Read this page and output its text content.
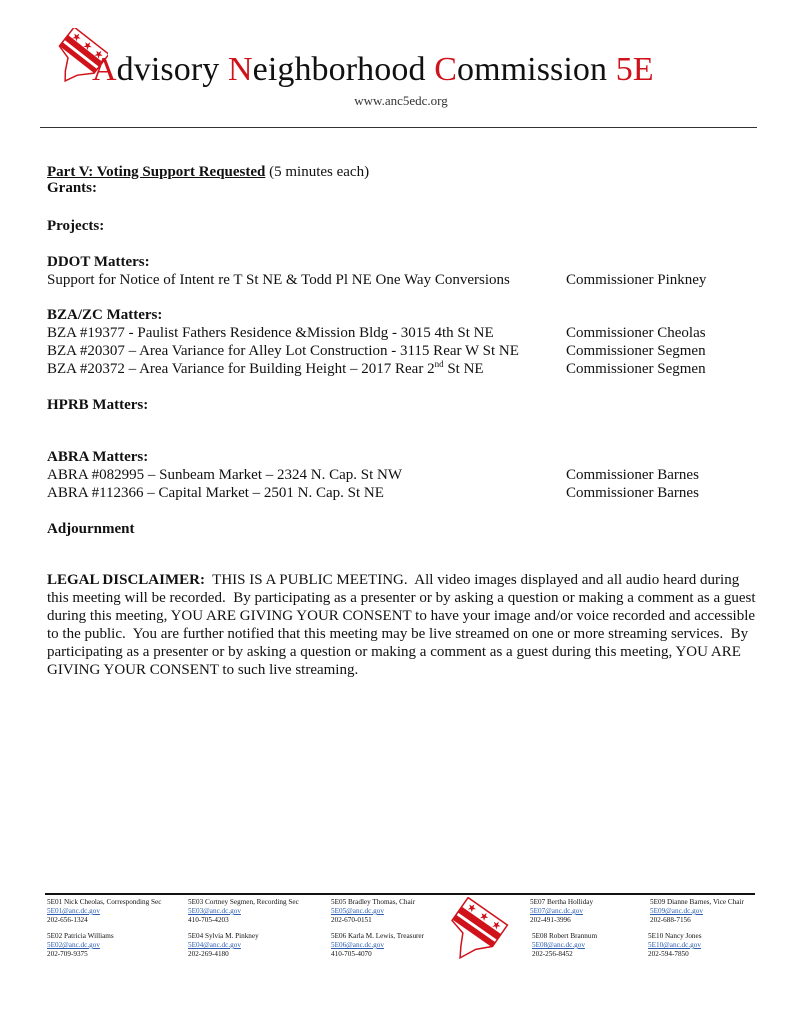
Advisory Neighborhood Commission 5E
www.anc5edc.org
Part V: Voting Support Requested (5 minutes each)
Grants:
Projects:
DDOT Matters:
Support for Notice of Intent re T St NE & Todd Pl NE One Way Conversions	Commissioner Pinkney
BZA/ZC Matters:
BZA #19377 - Paulist Fathers Residence &Mission Bldg - 3015 4th St NE	Commissioner Cheolas
BZA #20307 – Area Variance for Alley Lot Construction - 3115 Rear W St NE	Commissioner Segmen
BZA #20372 – Area Variance for Building Height – 2017 Rear 2nd St NE	Commissioner Segmen
HPRB Matters:
ABRA Matters:
ABRA #082995 – Sunbeam Market – 2324 N. Cap. St NW	Commissioner Barnes
ABRA #112366 – Capital Market – 2501 N. Cap. St NE	Commissioner Barnes
Adjournment
LEGAL DISCLAIMER:  THIS IS A PUBLIC MEETING.  All video images displayed and all audio heard during this meeting will be recorded.  By participating as a presenter or by asking a question or making a comment as a guest during this meeting, YOU ARE GIVING YOUR CONSENT to have your image and/or voice recorded and accessible to the public.  You are further notified that this meeting may be live streamed on one or more streaming services.  By participating as a presenter or by asking a question or making a comment as a guest during this meeting, YOU ARE GIVING YOUR CONSENT to such live streaming.
5E01 Nick Cheolas, Corresponding Sec
5E01@anc.dc.gov
202-656-1324
5E02 Patricia Williams
5E02@anc.dc.gov
202-709-9375
5E03 Cortney Segmen, Recording Sec
5E03@anc.dc.gov
410-705-4203
5E04 Sylvia M. Pinkney
5E04@anc.dc.gov
202-269-4180
5E05 Bradley Thomas, Chair
5E05@anc.dc.gov
202-670-0151
5E06 Karla M. Lewis, Treasurer
5E06@anc.dc.gov
410-705-4070
5E07 Bertha Holliday
5E07@anc.dc.gov
202-491-3996
5E08 Robert Brannum
5E08@anc.dc.gov
202-256-8452
5E09 Dianne Barnes, Vice Chair
5E09@anc.dc.gov
202-688-7156
5E10 Nancy Jones
5E10@anc.dc.gov
202-594-7850
